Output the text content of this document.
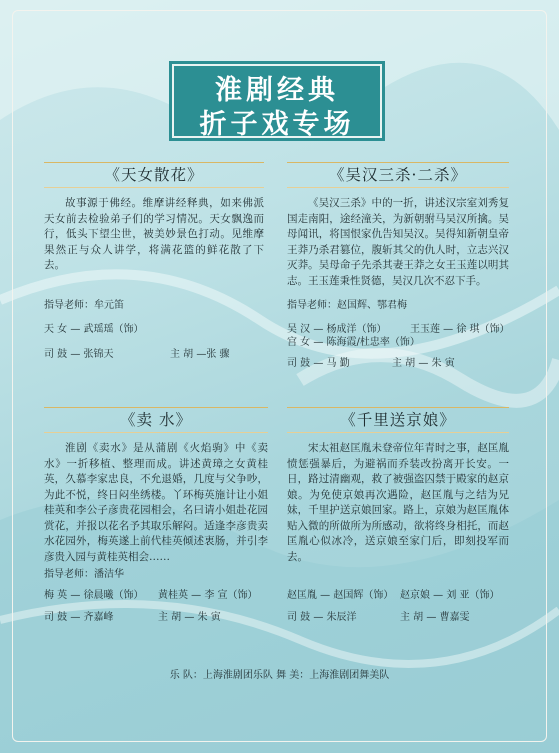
淮剧经典
折子戏专场
《天女散花》

故事源于佛经。维摩讲经释典，如来佛派天女前去检验弟子们的学习情况。天女飘逸而行，低头下望尘世，被美妙景色打动。见维摩果然正与众人讲学，将满花篮的鲜花散了下去。

指导老师：牟元笛
天 女 — 武瑶瑶（饰）
司 鼓 — 张锦天	主 胡 —张 骤
《吴汉三杀·二杀》

《吴汉三杀》中的一折，讲述汉宗室刘秀复国走南阳，途经潼关，为新朝驸马吴汉所擒。吴母闻讯，将国恨家仇告知吴汉。吴得知新朝皇帝王莽乃杀君篡位，腹斩其父的仇人时，立志兴汉灭莽。吴母命子先杀其妻王莽之女王玉莲以明其志。王玉莲秉性贤德，吴汉几次不忍下手。

指导老师：赵国辉、鄂君梅
吴 汉 — 杨成洋（饰） 王玉莲 — 徐 琪（饰）
宫 女 — 陈海霞/杜忠率（饰）
司 鼓 — 马 勤	主 胡 — 朱 寅
《卖 水》

淮剧《卖水》是从蒲剧《火焰驹》中《卖水》一折移植、整理而成。讲述黄璋之女黄桂英，久慕李家忠良，不允退婚，几度与父争吵，为此不悦，终日闷坐绣楼。丫环梅英施计让小姐桂英和李公子彦贵花园相会，名曰请小姐赴花园赏花，并报以花名予其取乐解闷。适逢李彦贵卖水花园外，梅英遂上前代桂英倾述衷肠，并引李彦贵入园与黄桂英相会……

指导老师：潘洁华
梅 英 — 徐晨曦（饰） 黄桂英 — 李 宣（饰）
司 鼓 — 齐嘉峰	主 胡 — 朱 寅
《千里送京娘》

宋太祖赵匡胤未登帝位年青时之事，赵匡胤愤惩强暴后，为避祸而乔装改扮离开长安。一日，路过清幽观，救了被强盗囚禁于殿家的赵京娘。为免使京娘再次遇险，赵匡胤与之结为兄妹，千里护送京娘回家。路上，京娘为赵匡胤体贴入微的所做所为所感动，欲将终身相托，而赵匡胤心似冰冷，送京娘至家门后，即刻投军而去。

赵匡胤 — 赵国辉（饰） 赵京娘 — 刘 亚（饰）
司 鼓 — 朱辰洋	主 胡 — 曹嘉雯
乐 队：上海淮剧团乐队 舞 美：上海淮剧团舞美队
